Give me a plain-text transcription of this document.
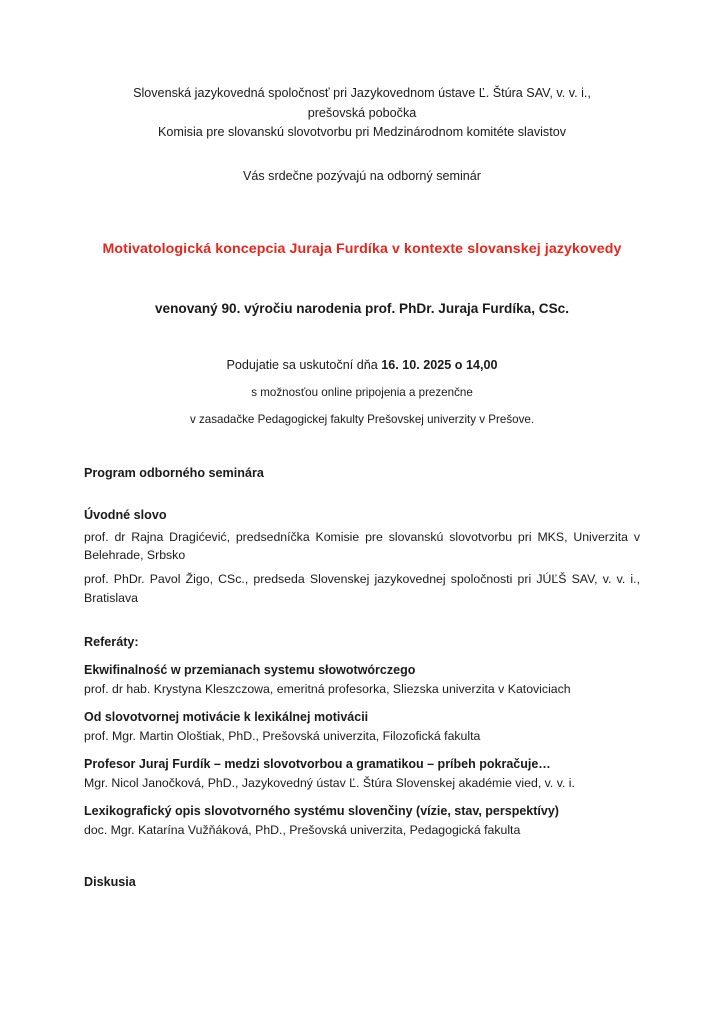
Slovenská jazykovedná spoločnosť pri Jazykovednom ústave Ľ. Štúra SAV, v. v. i.,
prešovská pobočka
Komisia pre slovanskú slovotvorbu pri Medzinárodnom komitéte slavistov
Vás srdečne pozývajú na odborný seminár
Motivatologická koncepcia Juraja Furdíka v kontexte slovanskej jazykovedy
venovaný 90. výročiu narodenia prof. PhDr. Juraja Furdíka, CSc.
Podujatie sa uskutoční dňa 16. 10. 2025 o 14,00
s možnosťou online pripojenia a prezenčne
v zasadačke Pedagogickej fakulty Prešovskej univerzity v Prešove.
Program odborného seminára
Úvodné slovo

prof. dr Rajna Dragićević, predsedníčka Komisie pre slovanskú slovotvorbu pri MKS, Univerzita v Belehrade, Srbsko

prof. PhDr. Pavol Žigo, CSc., predseda Slovenskej jazykovednej spoločnosti pri JÚĽŠ SAV, v. v. i., Bratislava

Referáty:
Ekwifinalność w przemianach systemu słowotwórczego
prof. dr hab. Krystyna Kleszczowa, emeritná profesorka, Sliezska univerzita v Katoviciach
Od slovotvornej motivácie k lexikálnej motivácii
prof. Mgr. Martin Ološtiak, PhD., Prešovská univerzita, Filozofická fakulta
Profesor Juraj Furdík – medzi slovotvorbou a gramatikou – príbeh pokračuje…
Mgr. Nicol Janočková, PhD., Jazykovedný ústav Ľ. Štúra Slovenskej akadémie vied, v. v. i.
Lexikografický opis slovotvorného systému slovenčiny (vízie, stav, perspektívy)
doc. Mgr. Katarína Vužňáková, PhD., Prešovská univerzita, Pedagogická fakulta
Diskusia
